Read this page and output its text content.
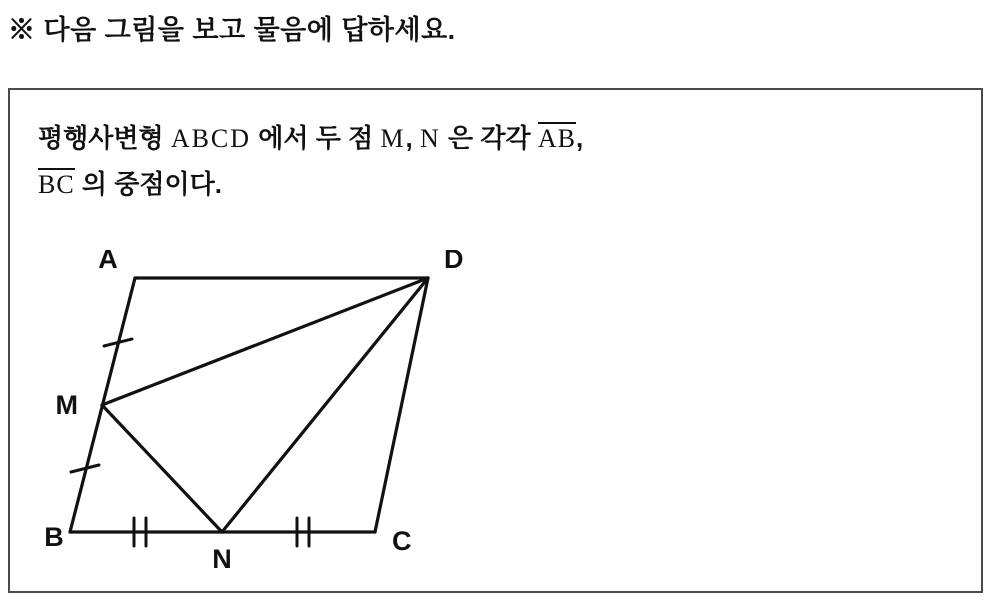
※ 다음 그림을 보고 물음에 답하세요.
평행사변형 ABCD 에서 두 점 M, N 은 각각 AB,
BC 의 중점이다.
A	D
M
B
N
C
